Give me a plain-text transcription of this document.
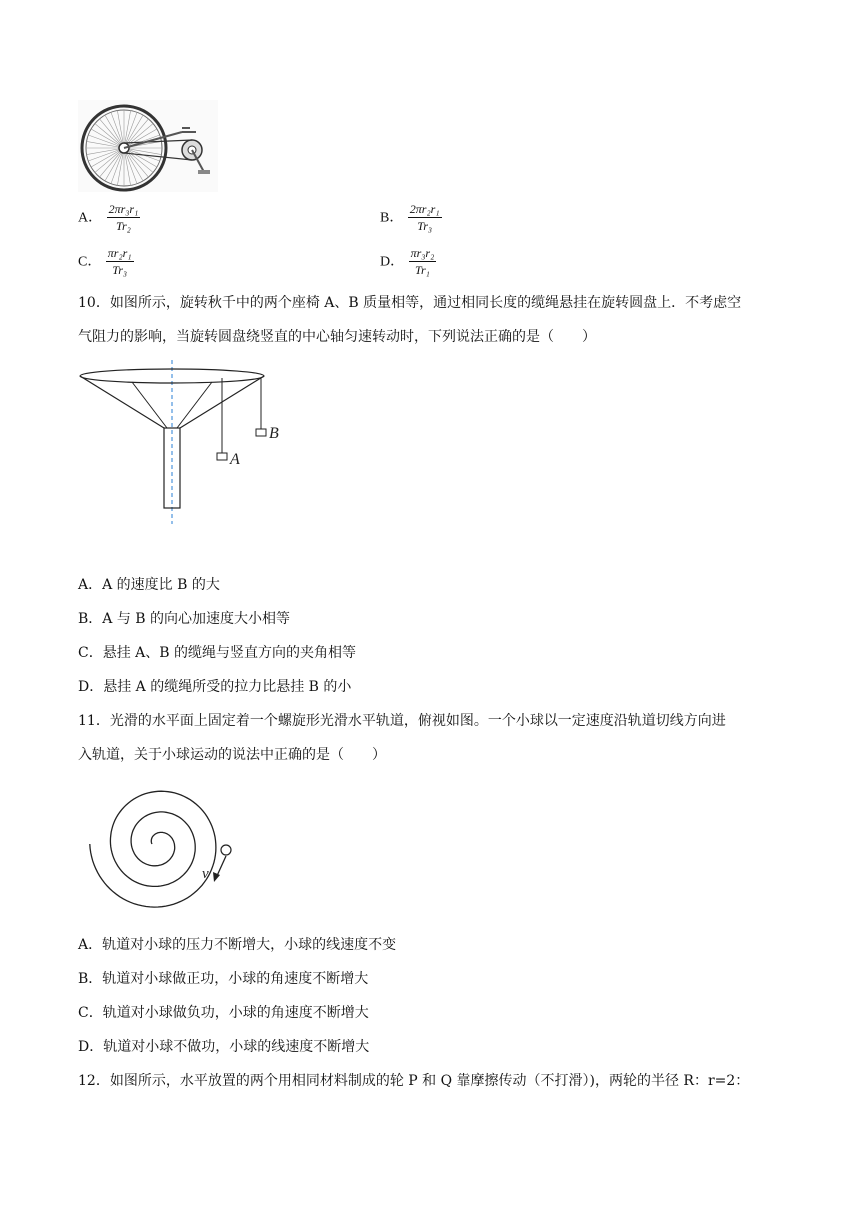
A． $\frac{\text{2πr₃r₁}}{\text{Tr₂}}$	B． $\frac{\text{2πr₂r₁}}{\text{Tr₃}}$
C． $\frac{\text{πr₂r₁}}{\text{Tr₃}}$	D． $\frac{\text{πr₃r₂}}{\text{Tr₁}}$
10．如图所示，旋转秋千中的两个座椅 A、B 质量相等，通过相同长度的缆绳悬挂在旋转圆盘上．不考虑空
气阻力的影响，当旋转圆盘绕竖直的中心轴匀速转动时，下列说法正确的是（　　）
A
B
A．A 的速度比 B 的大
B．A 与 B 的向心加速度大小相等
C．悬挂 A、B 的缆绳与竖直方向的夹角相等
D．悬挂 A 的缆绳所受的拉力比悬挂 B 的小
11．光滑的水平面上固定着一个螺旋形光滑水平轨道，俯视如图。一个小球以一定速度沿轨道切线方向进
入轨道，关于小球运动的说法中正确的是（　　）
v
A．轨道对小球的压力不断增大，小球的线速度不变
B．轨道对小球做正功，小球的角速度不断增大
C．轨道对小球做负功，小球的角速度不断增大
D．轨道对小球不做功，小球的线速度不断增大
12．如图所示，水平放置的两个用相同材料制成的轮 P 和 Q 靠摩擦传动（不打滑）)，两轮的半径 R：r=2：
